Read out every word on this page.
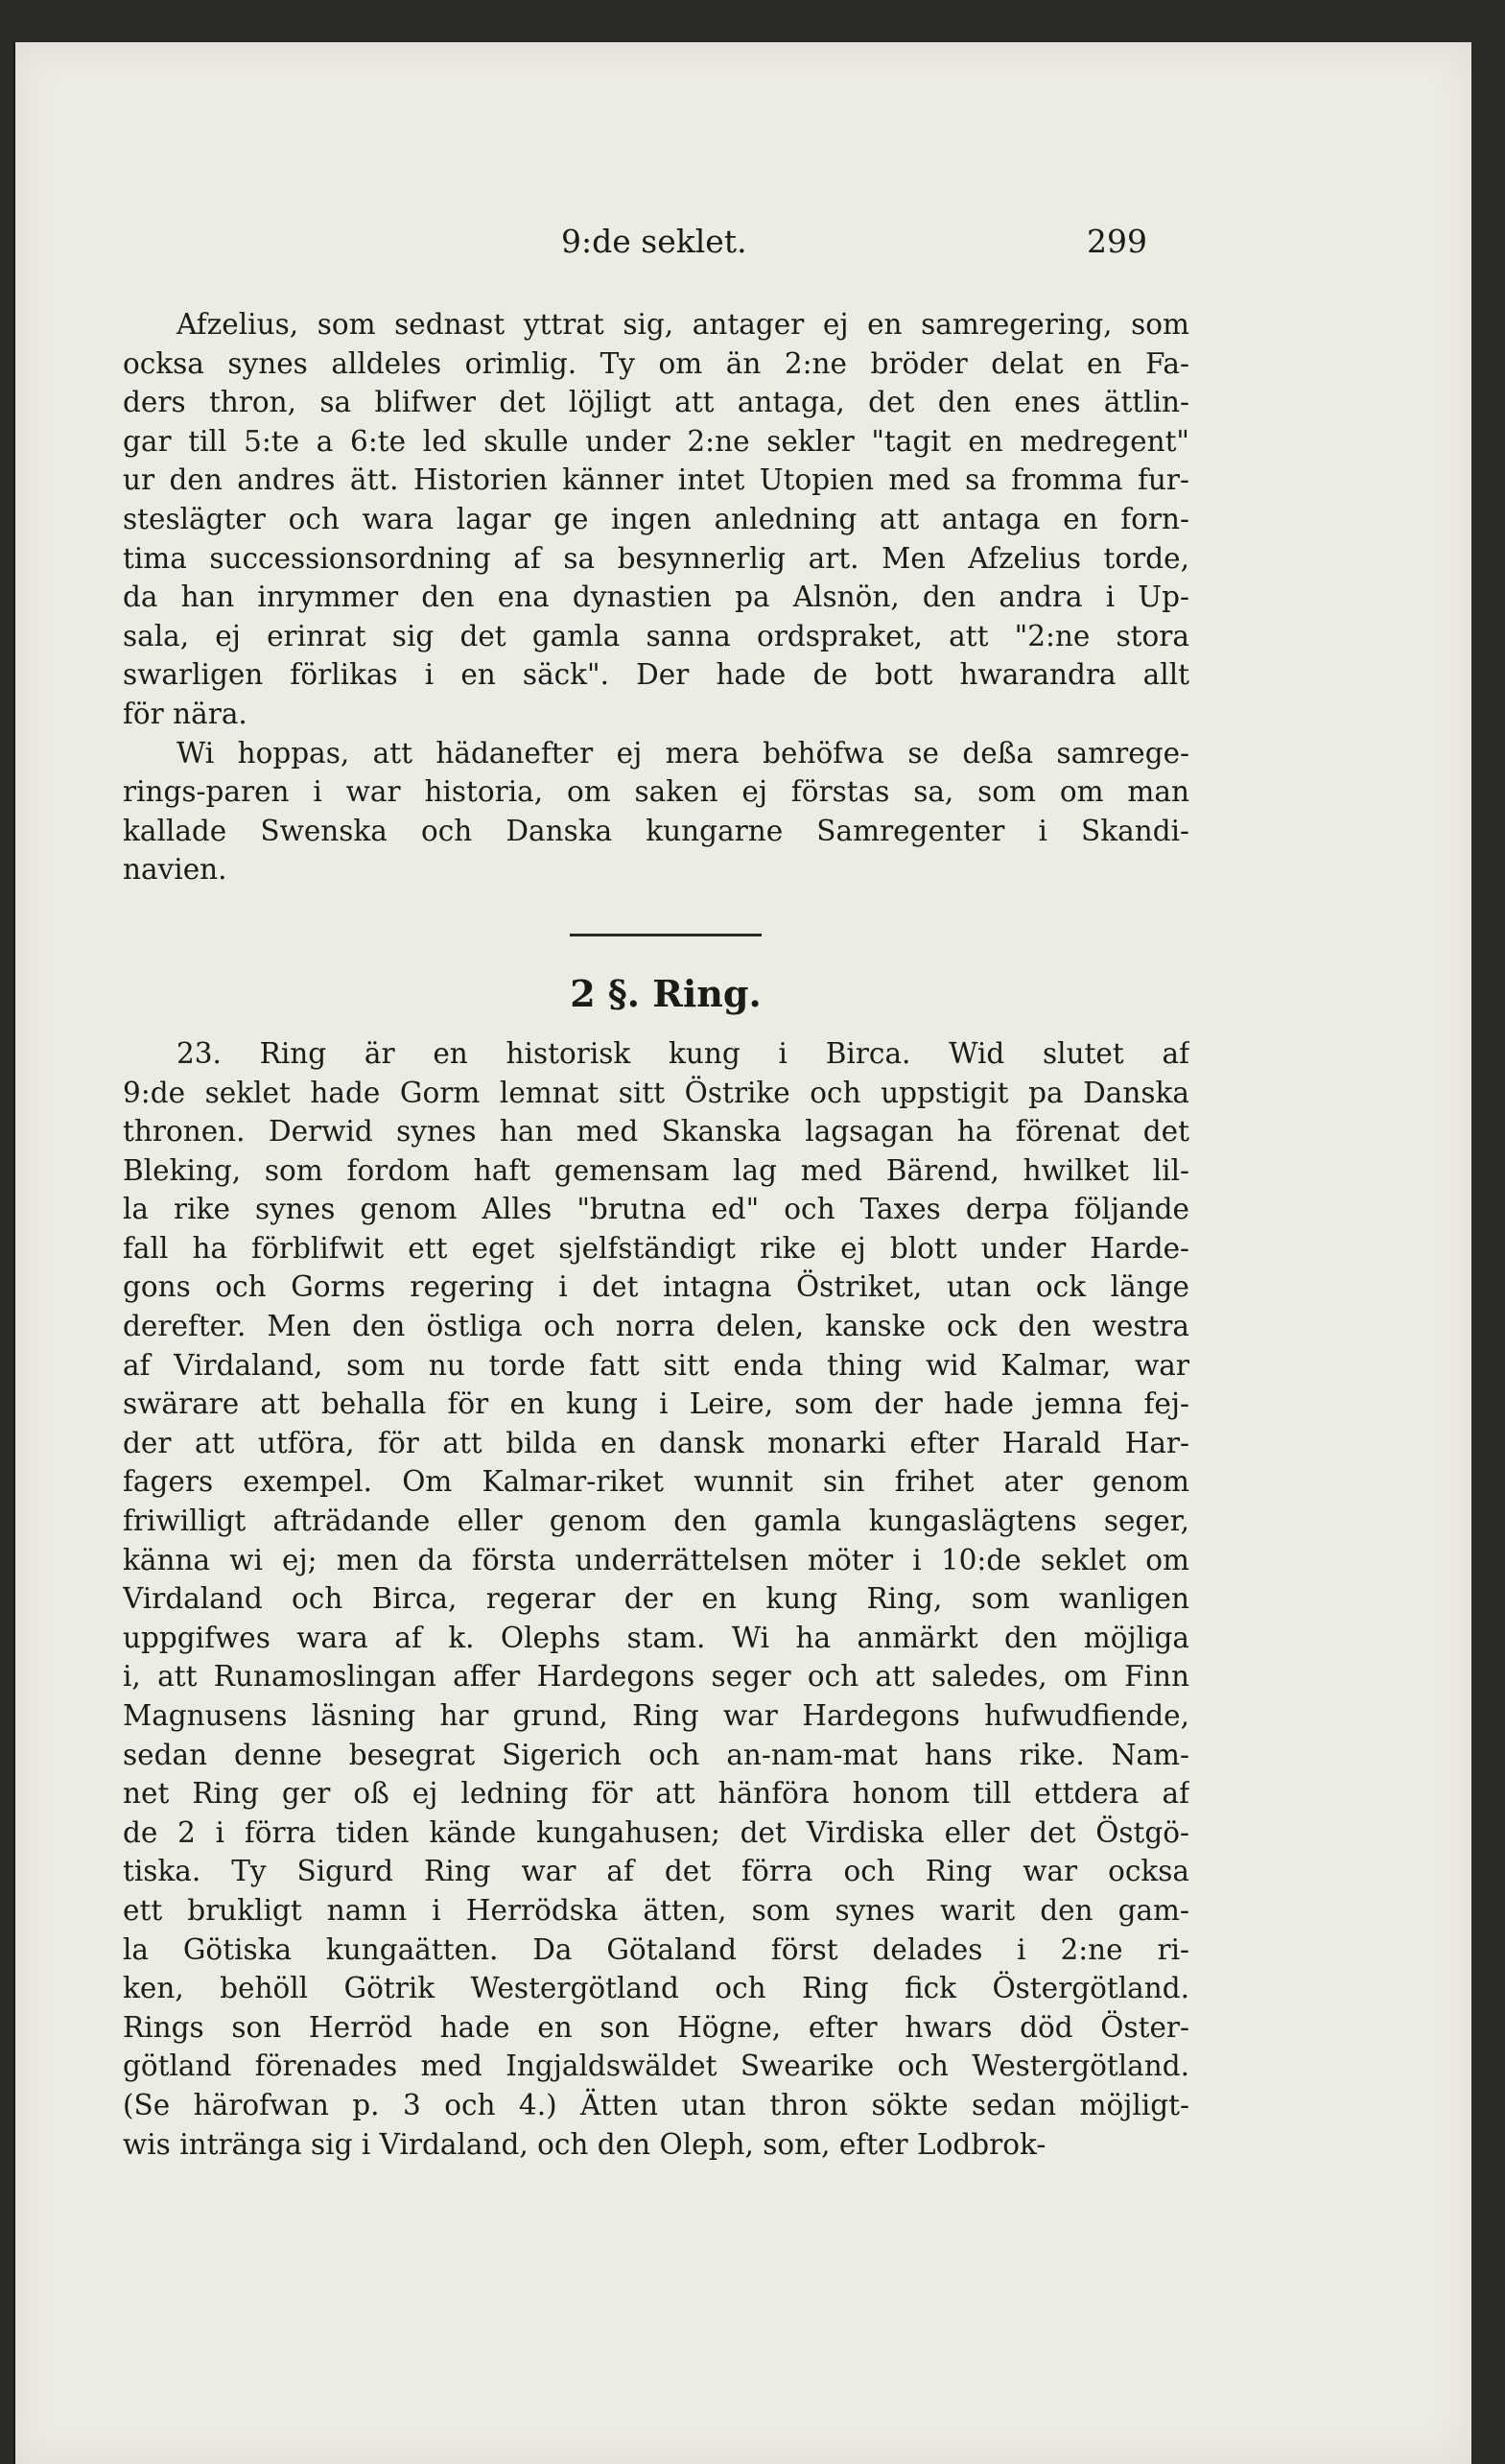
9:de seklet.	299
Afzelius, som sednast yttrat sig, antager ej en samregering, som
ocksa synes alldeles orimlig. Ty om än 2:ne bröder delat en Fa-
ders thron, sa blifwer det löjligt att antaga, det den enes ättlin-
gar till 5:te a 6:te led skulle under 2:ne sekler "tagit en medregent"
ur den andres ätt. Historien känner intet Utopien med sa fromma fur-
steslägter och wara lagar ge ingen anledning att antaga en forn-
tima successionsordning af sa besynnerlig art. Men Afzelius torde,
da han inrymmer den ena dynastien pa Alsnön, den andra i Up-
sala, ej erinrat sig det gamla sanna ordspraket, att "2:ne stora
swarligen förlikas i en säck". Der hade de bott hwarandra allt
för nära.
Wi hoppas, att hädanefter ej mera behöfwa se deßa samrege-
rings-paren i war historia, om saken ej förstas sa, som om man
kallade Swenska och Danska kungarne Samregenter i Skandi-
navien.
2 §. Ring.
23. Ring är en historisk kung i Birca. Wid slutet af
9:de seklet hade Gorm lemnat sitt Östrike och uppstigit pa Danska
thronen. Derwid synes han med Skanska lagsagan ha förenat det
Bleking, som fordom haft gemensam lag med Bärend, hwilket lil-
la rike synes genom Alles "brutna ed" och Taxes derpa följande
fall ha förblifwit ett eget sjelfständigt rike ej blott under Harde-
gons och Gorms regering i det intagna Östriket, utan ock länge
derefter. Men den östliga och norra delen, kanske ock den westra
af Virdaland, som nu torde fatt sitt enda thing wid Kalmar, war
swärare att behalla för en kung i Leire, som der hade jemna fej-
der att utföra, för att bilda en dansk monarki efter Harald Har-
fagers exempel. Om Kalmar-riket wunnit sin frihet ater genom
friwilligt afträdande eller genom den gamla kungaslägtens seger,
känna wi ej; men da första underrättelsen möter i 10:de seklet om
Virdaland och Birca, regerar der en kung Ring, som wanligen
uppgifwes wara af k. Olephs stam. Wi ha anmärkt den möjliga
i, att Runamoslingan affer Hardegons seger och att saledes, om Finn
Magnusens läsning har grund, Ring war Hardegons hufwudfiende,
sedan denne besegrat Sigerich och an-nam-mat hans rike. Nam-
net Ring ger oß ej ledning för att hänföra honom till ettdera af
de 2 i förra tiden kände kungahusen; det Virdiska eller det Östgö-
tiska. Ty Sigurd Ring war af det förra och Ring war ocksa
ett brukligt namn i Herrödska ätten, som synes warit den gam-
la Götiska kungaätten. Da Götaland först delades i 2:ne ri-
ken, behöll Götrik Westergötland och Ring fick Östergötland.
Rings son Herröd hade en son Högne, efter hwars död Öster-
götland förenades med Ingjaldswäldet Swearike och Westergötland.
(Se härofwan p. 3 och 4.) Ätten utan thron sökte sedan möjligt-
wis intränga sig i Virdaland, och den Oleph, som, efter Lodbrok-
